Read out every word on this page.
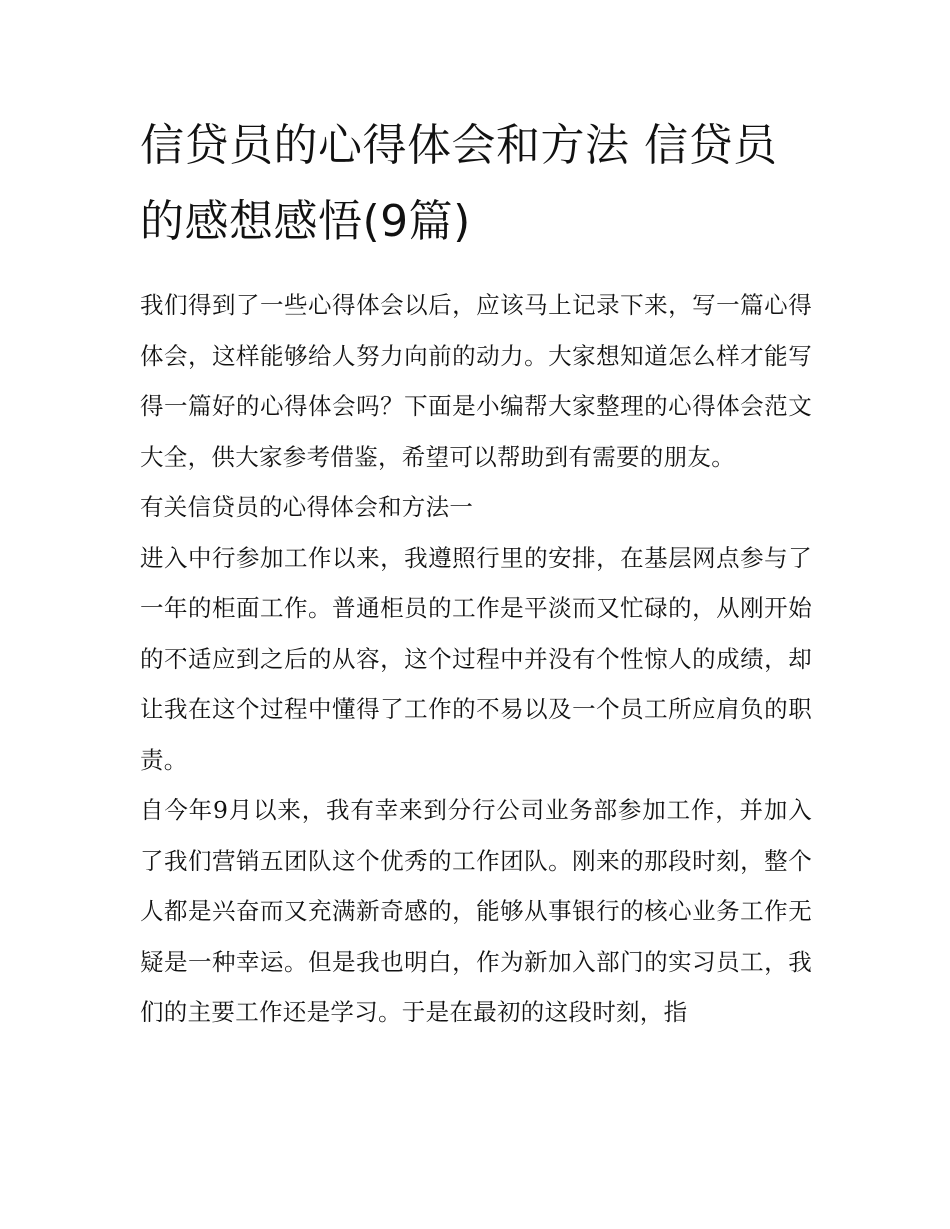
信贷员的心得体会和方法 信贷员的感想感悟(9篇)

我们得到了一些心得体会以后，应该马上记录下来，写一篇心得体会，这样能够给人努力向前的动力。大家想知道怎么样才能写得一篇好的心得体会吗？下面是小编帮大家整理的心得体会范文大全，供大家参考借鉴，希望可以帮助到有需要的朋友。

有关信贷员的心得体会和方法一

进入中行参加工作以来，我遵照行里的安排，在基层网点参与了一年的柜面工作。普通柜员的工作是平淡而又忙碌的，从刚开始的不适应到之后的从容，这个过程中并没有个性惊人的成绩，却让我在这个过程中懂得了工作的不易以及一个员工所应肩负的职责。

自今年9月以来，我有幸来到分行公司业务部参加工作，并加入了我们营销五团队这个优秀的工作团队。刚来的那段时刻，整个人都是兴奋而又充满新奇感的，能够从事银行的核心业务工作无疑是一种幸运。但是我也明白，作为新加入部门的实习员工，我们的主要工作还是学习。于是在最初的这段时刻，指
